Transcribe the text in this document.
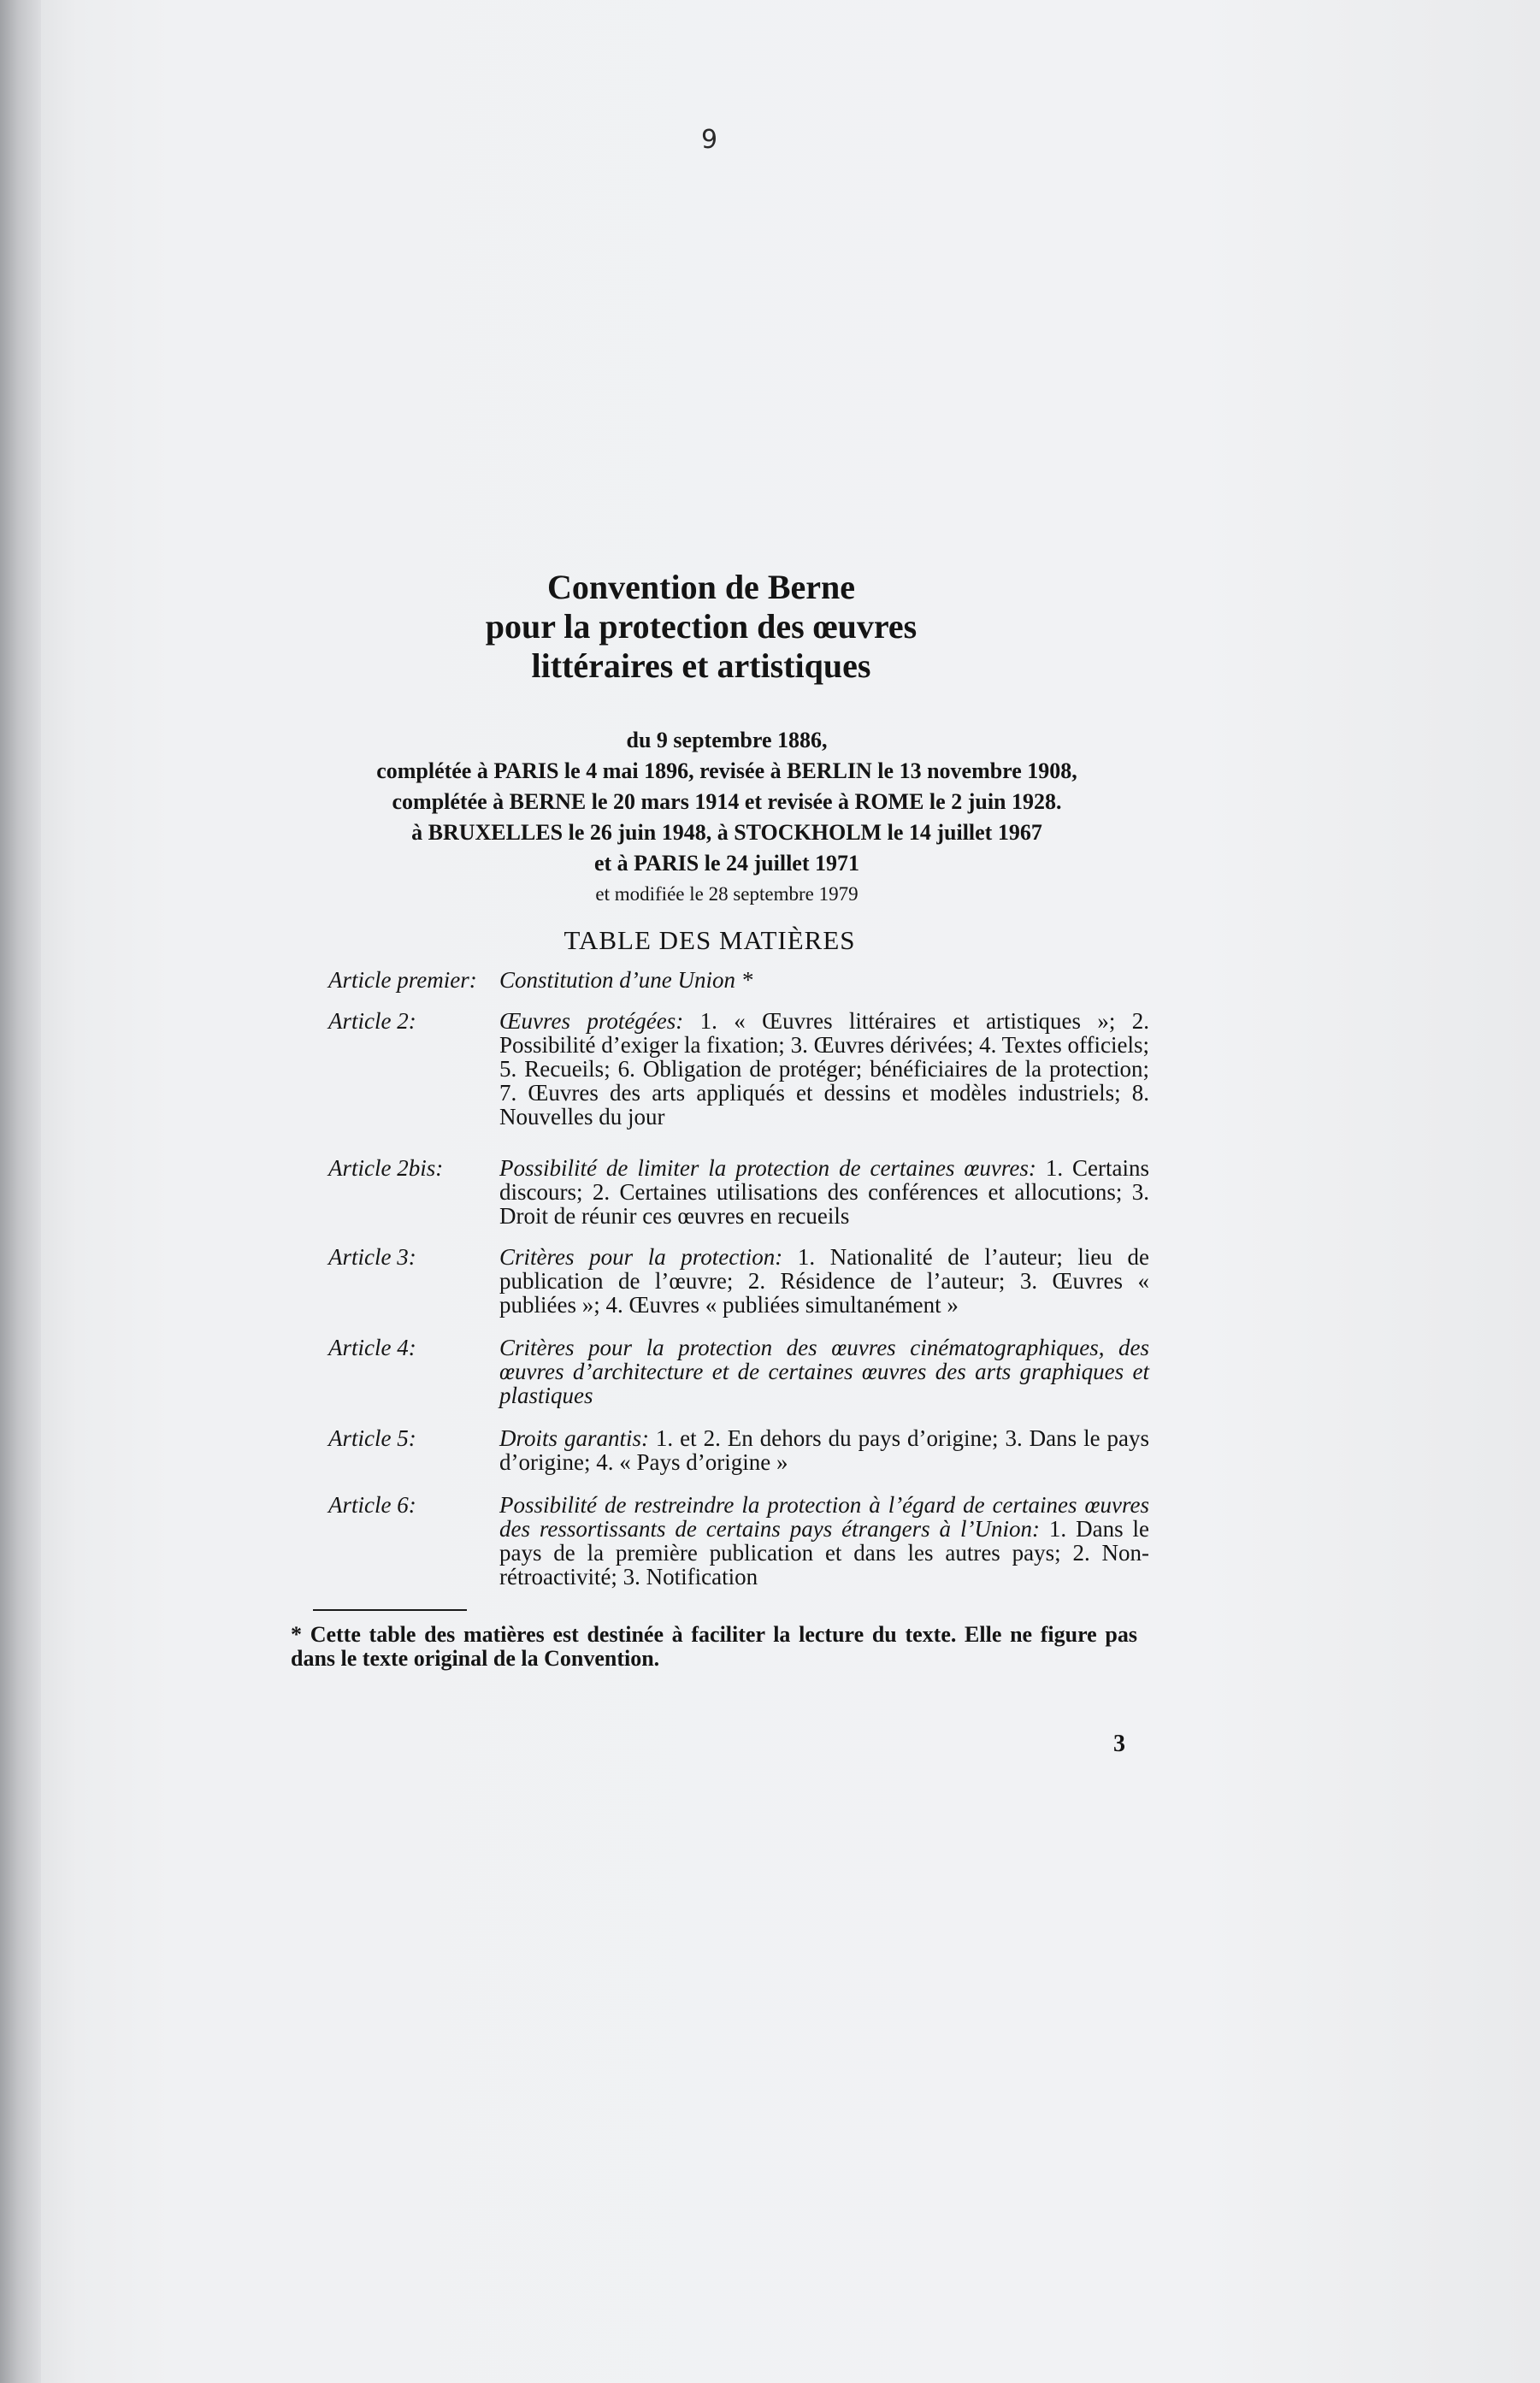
9
Convention de Berne
pour la protection des œuvres
littéraires et artistiques
du 9 septembre 1886,
complétée à PARIS le 4 mai 1896, revisée à BERLIN le 13 novembre 1908,
complétée à BERNE le 20 mars 1914 et revisée à ROME le 2 juin 1928.
à BRUXELLES le 26 juin 1948, à STOCKHOLM le 14 juillet 1967
et à PARIS le 24 juillet 1971
et modifiée le 28 septembre 1979
TABLE DES MATIÈRES
Article premier: Constitution d’une Union *
Article 2:	Œuvres protégées: 1. « Œuvres littéraires et artistiques »; 2. Possibilité d’exiger la fixation; 3. Œuvres dérivées; 4. Textes officiels; 5. Recueils; 6. Obligation de protéger; bénéficiaires de la protection; 7. Œuvres des arts appliqués et dessins et modèles industriels; 8. Nouvelles du jour
Article 2bis:	Possibilité de limiter la protection de certaines œuvres: 1. Certains discours; 2. Certaines utilisations des conférences et allocutions; 3. Droit de réunir ces œuvres en recueils
Article 3:	Critères pour la protection: 1. Nationalité de l’auteur; lieu de publication de l’œuvre; 2. Résidence de l’auteur; 3. Œuvres « publiées »; 4. Œuvres « publiées simultanément »
Article 4:	Critères pour la protection des œuvres cinématographiques, des œuvres d’architecture et de certaines œuvres des arts graphiques et plastiques
Article 5:	Droits garantis: 1. et 2. En dehors du pays d’origine; 3. Dans le pays d’origine; 4. « Pays d’origine »
Article 6:	Possibilité de restreindre la protection à l’égard de certaines œuvres des ressortissants de certains pays étrangers à l’Union: 1. Dans le pays de la première publication et dans les autres pays; 2. Non-rétroactivité; 3. Notification
* Cette table des matières est destinée à faciliter la lecture du texte. Elle ne figure pas dans le texte original de la Convention.
3
